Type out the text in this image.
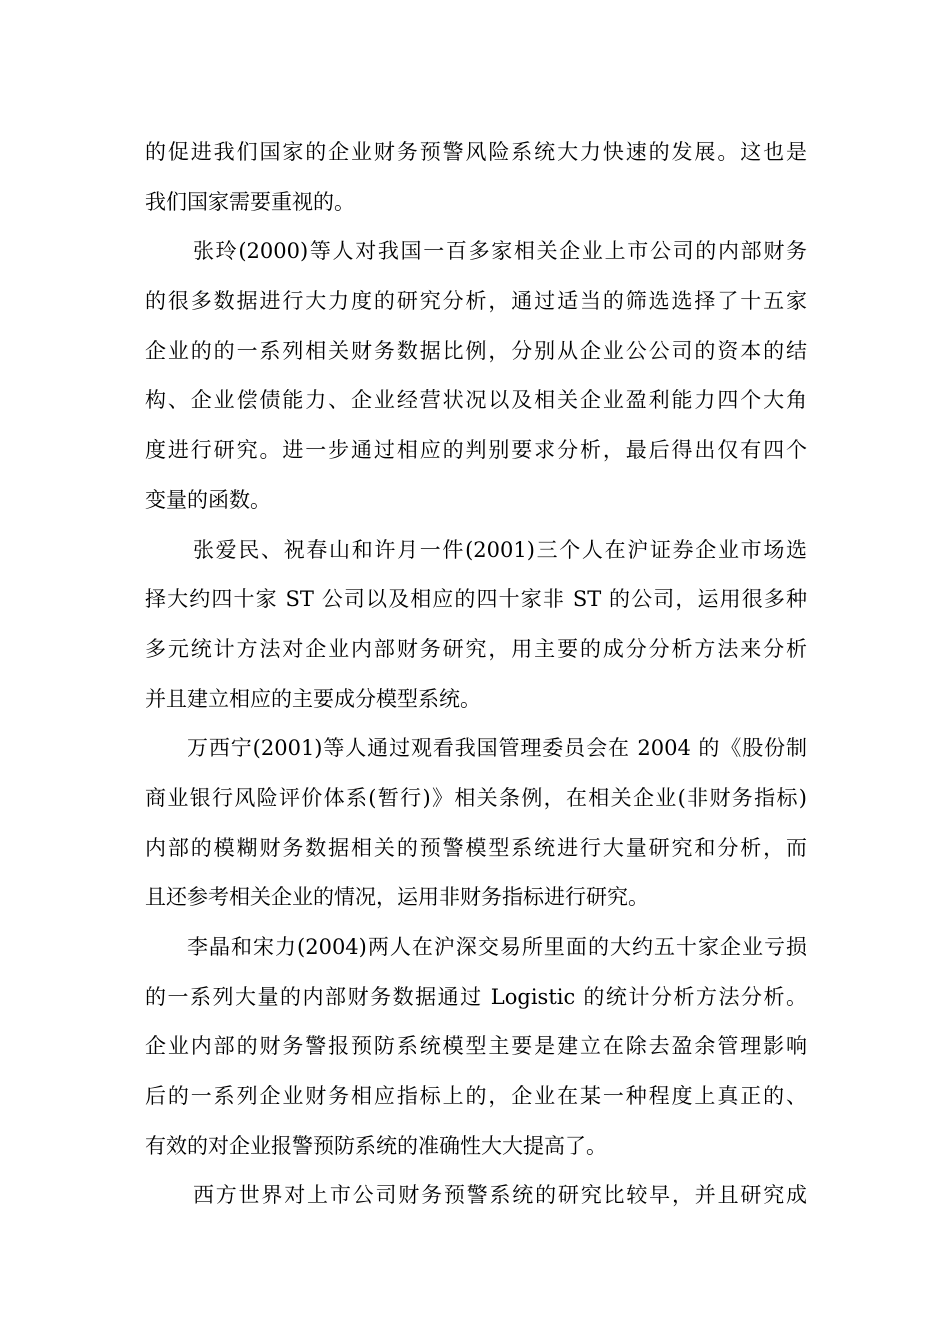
的促进我们国家的企业财务预警风险系统大力快速的发展。这也是
我们国家需要重视的。
张玲(2000)等人对我国一百多家相关企业上市公司的内部财务
的很多数据进行大力度的研究分析，通过适当的筛选选择了十五家
企业的的一系列相关财务数据比例，分别从企业公公司的资本的结
构、企业偿债能力、企业经营状况以及相关企业盈利能力四个大角
度进行研究。进一步通过相应的判别要求分析，最后得出仅有四个
变量的函数。
张爱民、祝春山和许月一件(2001)三个人在沪证券企业市场选
择大约四十家 ST 公司以及相应的四十家非 ST 的公司，运用很多种
多元统计方法对企业内部财务研究，用主要的成分分析方法来分析
并且建立相应的主要成分模型系统。
万西宁(2001)等人通过观看我国管理委员会在 2004 的《股份制
商业银行风险评价体系(暂行)》相关条例，在相关企业(非财务指标)
内部的模糊财务数据相关的预警模型系统进行大量研究和分析，而
且还参考相关企业的情况，运用非财务指标进行研究。
李晶和宋力(2004)两人在沪深交易所里面的大约五十家企业亏损
的一系列大量的内部财务数据通过 Logistic 的统计分析方法分析。
企业内部的财务警报预防系统模型主要是建立在除去盈余管理影响
后的一系列企业财务相应指标上的，企业在某一种程度上真正的、
有效的对企业报警预防系统的准确性大大提高了。
西方世界对上市公司财务预警系统的研究比较早，并且研究成
